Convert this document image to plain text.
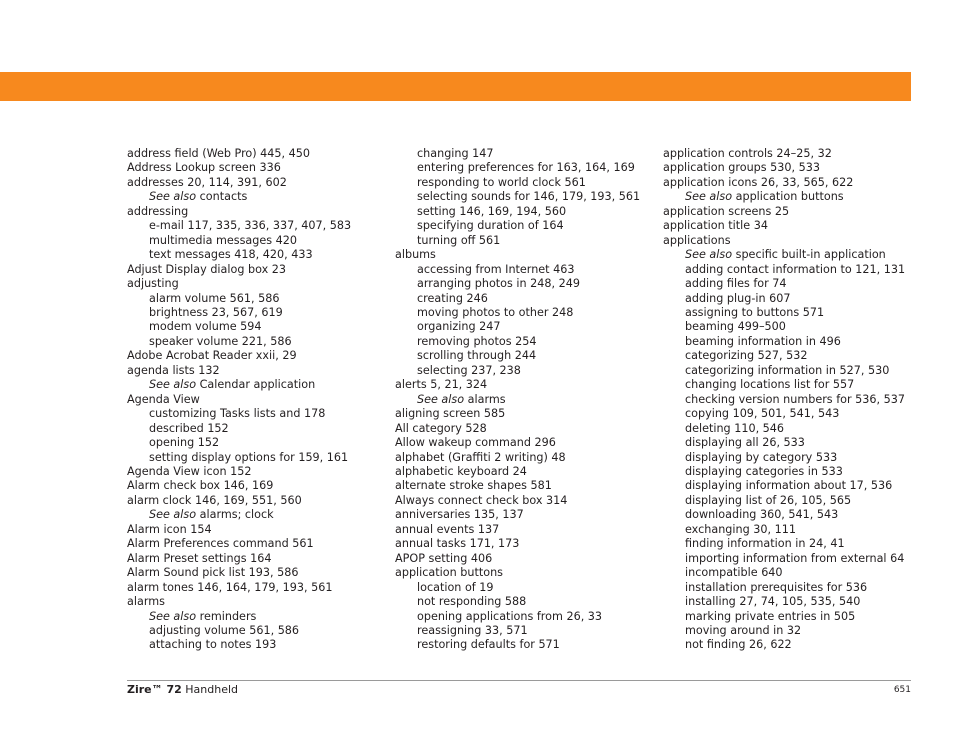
address field (Web Pro) 445, 450
Address Lookup screen 336
addresses 20, 114, 391, 602
See also contacts
addressing
e-mail 117, 335, 336, 337, 407, 583
multimedia messages 420
text messages 418, 420, 433
Adjust Display dialog box 23
adjusting
alarm volume 561, 586
brightness 23, 567, 619
modem volume 594
speaker volume 221, 586
Adobe Acrobat Reader xxii, 29
agenda lists 132
See also Calendar application
Agenda View
customizing Tasks lists and 178
described 152
opening 152
setting display options for 159, 161
Agenda View icon 152
Alarm check box 146, 169
alarm clock 146, 169, 551, 560
See also alarms; clock
Alarm icon 154
Alarm Preferences command 561
Alarm Preset settings 164
Alarm Sound pick list 193, 586
alarm tones 146, 164, 179, 193, 561
alarms
See also reminders
adjusting volume 561, 586
attaching to notes 193
changing 147
entering preferences for 163, 164, 169
responding to world clock 561
selecting sounds for 146, 179, 193, 561
setting 146, 169, 194, 560
specifying duration of 164
turning off 561
albums
accessing from Internet 463
arranging photos in 248, 249
creating 246
moving photos to other 248
organizing 247
removing photos 254
scrolling through 244
selecting 237, 238
alerts 5, 21, 324
See also alarms
aligning screen 585
All category 528
Allow wakeup command 296
alphabet (Graffiti 2 writing) 48
alphabetic keyboard 24
alternate stroke shapes 581
Always connect check box 314
anniversaries 135, 137
annual events 137
annual tasks 171, 173
APOP setting 406
application buttons
location of 19
not responding 588
opening applications from 26, 33
reassigning 33, 571
restoring defaults for 571
application controls 24–25, 32
application groups 530, 533
application icons 26, 33, 565, 622
See also application buttons
application screens 25
application title 34
applications
See also specific built-in application
adding contact information to 121, 131
adding files for 74
adding plug-in 607
assigning to buttons 571
beaming 499–500
beaming information in 496
categorizing 527, 532
categorizing information in 527, 530
changing locations list for 557
checking version numbers for 536, 537
copying 109, 501, 541, 543
deleting 110, 546
displaying all 26, 533
displaying by category 533
displaying categories in 533
displaying information about 17, 536
displaying list of 26, 105, 565
downloading 360, 541, 543
exchanging 30, 111
finding information in 24, 41
importing information from external 64
incompatible 640
installation prerequisites for 536
installing 27, 74, 105, 535, 540
marking private entries in 505
moving around in 32
not finding 26, 622
Zire™ 72 Handheld	651
